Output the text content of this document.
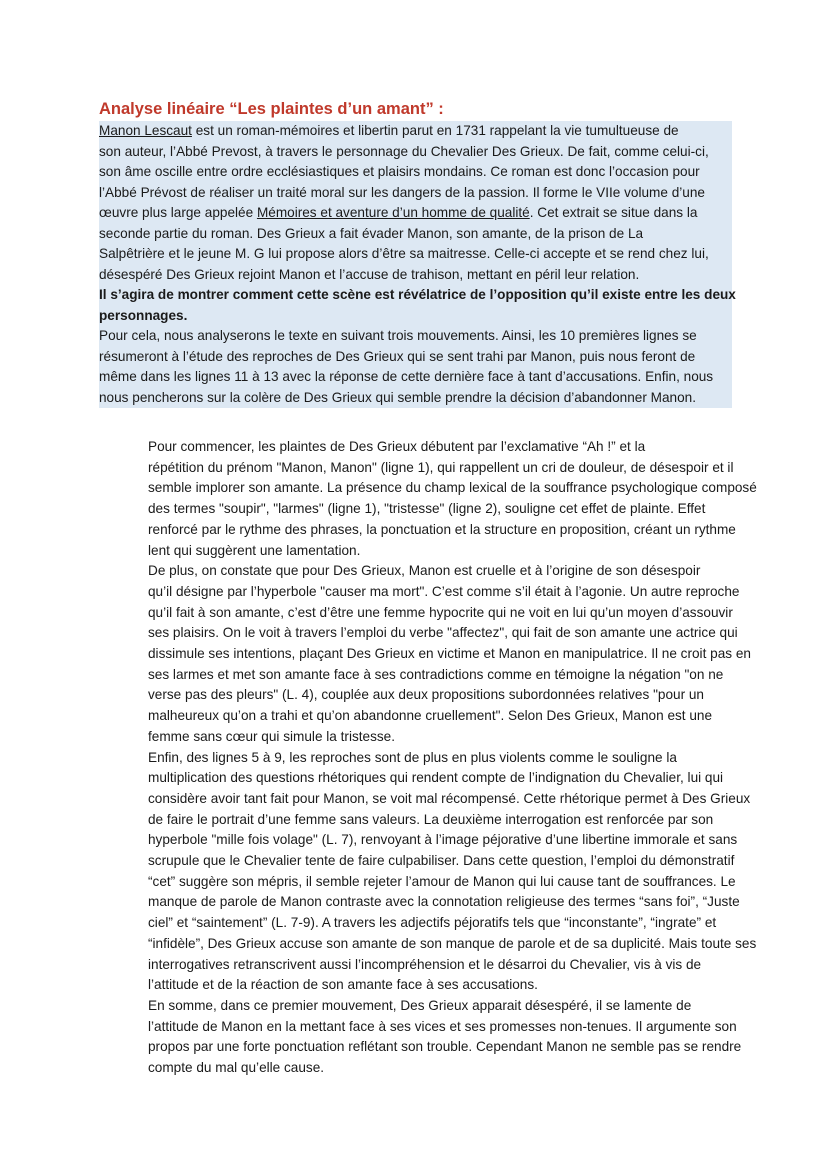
Analyse linéaire “Les plaintes d’un amant” :

Manon Lescaut est un roman-mémoires et libertin parut en 1731 rappelant la vie tumultueuse de
son auteur, l’Abbé Prevost, à travers le personnage du Chevalier Des Grieux. De fait, comme celui-ci,
son âme oscille entre ordre ecclésiastiques et plaisirs mondains. Ce roman est donc l’occasion pour
l’Abbé Prévost de réaliser un traité moral sur les dangers de la passion. Il forme le VIIe volume d’une
œuvre plus large appelée Mémoires et aventure d’un homme de qualité. Cet extrait se situe dans la
seconde partie du roman. Des Grieux a fait évader Manon, son amante, de la prison de La
Salpêtrière et le jeune M. G lui propose alors d’être sa maitresse. Celle-ci accepte et se rend chez lui,
désespéré Des Grieux rejoint Manon et l’accuse de trahison, mettant en péril leur relation.

Il s’agira de montrer comment cette scène est révélatrice de l’opposition qu’il existe entre les deux
personnages.

Pour cela, nous analyserons le texte en suivant trois mouvements. Ainsi, les 10 premières lignes se
résumeront à l’étude des reproches de Des Grieux qui se sent trahi par Manon, puis nous feront de
même dans les lignes 11 à 13 avec la réponse de cette dernière face à tant d’accusations. Enfin, nous
nous pencherons sur la colère de Des Grieux qui semble prendre la décision d’abandonner Manon.

Pour commencer, les plaintes de Des Grieux débutent par l’exclamative “Ah !” et la
répétition du prénom "Manon, Manon" (ligne 1), qui rappellent un cri de douleur, de désespoir et il
semble implorer son amante. La présence du champ lexical de la souffrance psychologique composé
des termes "soupir", "larmes" (ligne 1), "tristesse" (ligne 2), souligne cet effet de plainte. Effet
renforcé par le rythme des phrases, la ponctuation et la structure en proposition, créant un rythme
lent qui suggèrent une lamentation.

De plus, on constate que pour Des Grieux, Manon est cruelle et à l’origine de son désespoir
qu’il désigne par l’hyperbole "causer ma mort". C’est comme s’il était à l’agonie. Un autre reproche
qu’il fait à son amante, c’est d’être une femme hypocrite qui ne voit en lui qu’un moyen d’assouvir
ses plaisirs. On le voit à travers l’emploi du verbe "affectez", qui fait de son amante une actrice qui
dissimule ses intentions, plaçant Des Grieux en victime et Manon en manipulatrice. Il ne croit pas en
ses larmes et met son amante face à ses contradictions comme en témoigne la négation "on ne
verse pas des pleurs" (L. 4), couplée aux deux propositions subordonnées relatives "pour un
malheureux qu’on a trahi et qu’on abandonne cruellement". Selon Des Grieux, Manon est une
femme sans cœur qui simule la tristesse.

Enfin, des lignes 5 à 9, les reproches sont de plus en plus violents comme le souligne la
multiplication des questions rhétoriques qui rendent compte de l’indignation du Chevalier, lui qui
considère avoir tant fait pour Manon, se voit mal récompensé. Cette rhétorique permet à Des Grieux
de faire le portrait d’une femme sans valeurs. La deuxième interrogation est renforcée par son
hyperbole "mille fois volage" (L. 7), renvoyant à l’image péjorative d’une libertine immorale et sans
scrupule que le Chevalier tente de faire culpabiliser. Dans cette question, l’emploi du démonstratif
“cet” suggère son mépris, il semble rejeter l’amour de Manon qui lui cause tant de souffrances. Le
manque de parole de Manon contraste avec la connotation religieuse des termes “sans foi”, “Juste
ciel” et “saintement” (L. 7-9). A travers les adjectifs péjoratifs tels que “inconstante”, “ingrate” et
“infidèle”, Des Grieux accuse son amante de son manque de parole et de sa duplicité. Mais toute ses
interrogatives retranscrivent aussi l’incompréhension et le désarroi du Chevalier, vis à vis de
l’attitude et de la réaction de son amante face à ses accusations.

En somme, dans ce premier mouvement, Des Grieux apparait désespéré, il se lamente de
l’attitude de Manon en la mettant face à ses vices et ses promesses non-tenues. Il argumente son
propos par une forte ponctuation reflétant son trouble. Cependant Manon ne semble pas se rendre
compte du mal qu’elle cause.
